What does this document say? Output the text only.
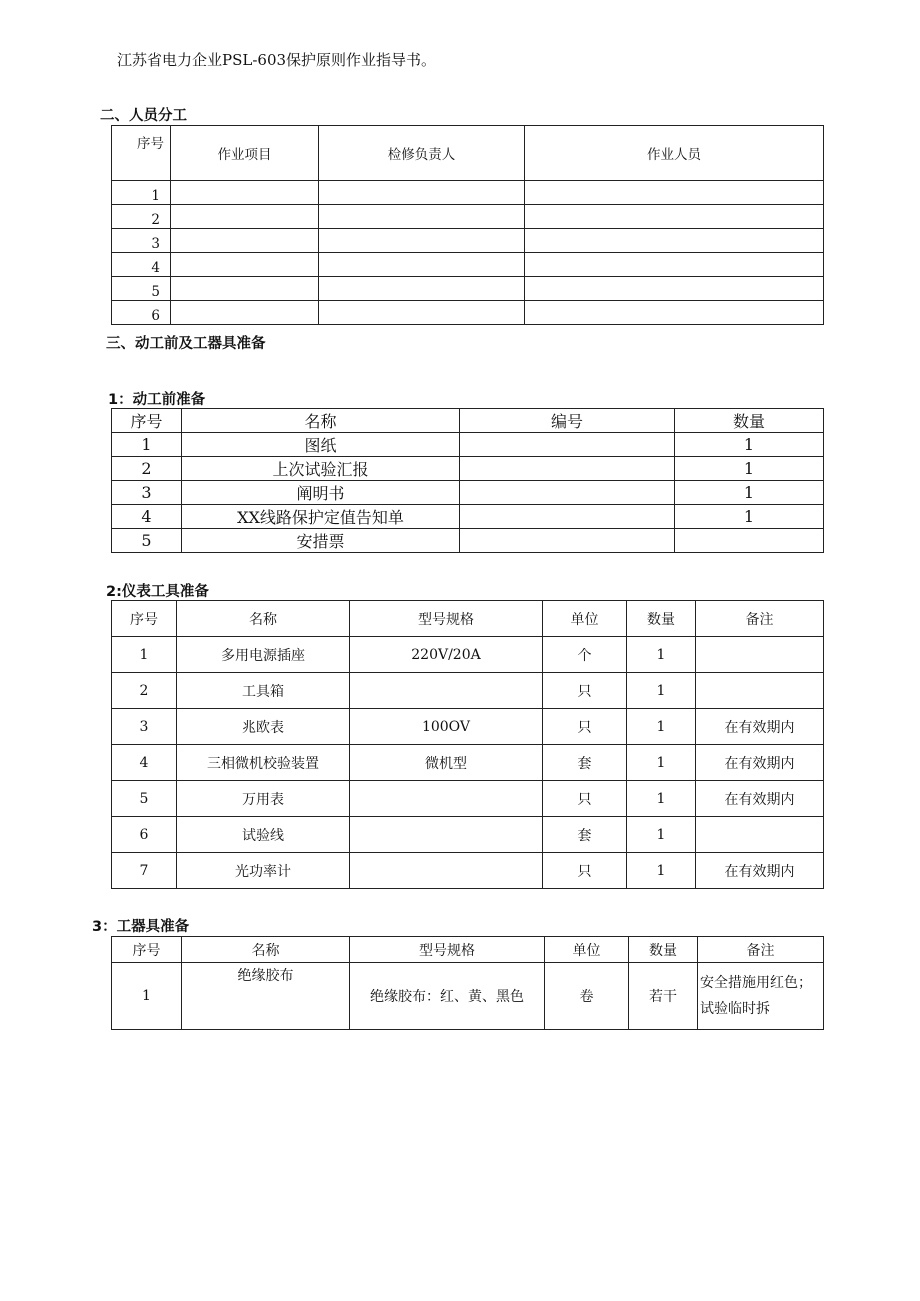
江苏省电力企业PSL-603保护原则作业指导书。
二、人员分工
序号	作业项目	检修负责人	作业人员
1			
2			
3			
4			
5			
6			
三、动工前及工器具准备
1：动工前准备
序号	名称	编号	数量
1	图纸		1
2	上次试验汇报		1
3	阐明书		1
4	XX线路保护定值告知单		1
5	安措票		
2:仪表工具准备
序号	名称	型号规格	单位	数量	备注
1	多用电源插座	220V/20A	个	1	
2	工具箱		只	1	
3	兆欧表	100OV	只	1	在有效期内
4	三相微机校验装置	微机型	套	1	在有效期内
5	万用表		只	1	在有效期内
6	试验线		套	1	
7	光功率计		只	1	在有效期内
3：工器具准备
序号	名称	型号规格	单位	数量	备注
1	绝缘胶布	绝缘胶布：红、黄、黑色	卷	若干	安全措施用红色；试验临时拆
